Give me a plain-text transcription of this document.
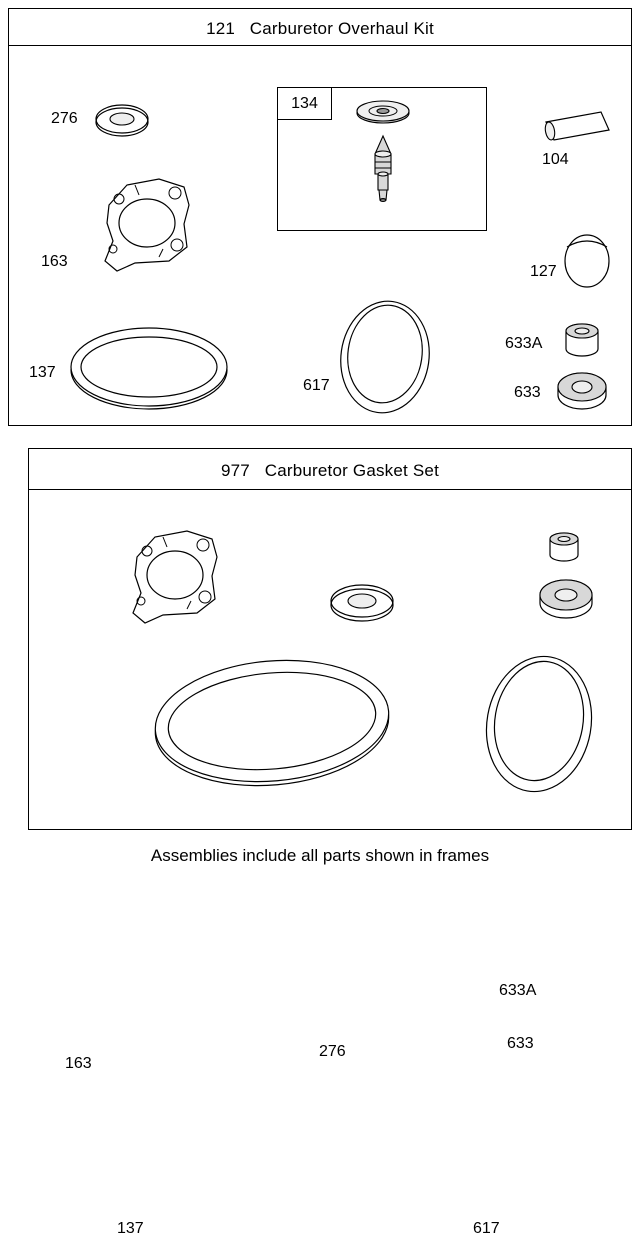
121   Carburetor Overhaul Kit
276
163
137
104
127
617
633A
633
134
977   Carburetor Gasket Set
163
276
633A
633
137	617
Assemblies include all parts shown in frames
